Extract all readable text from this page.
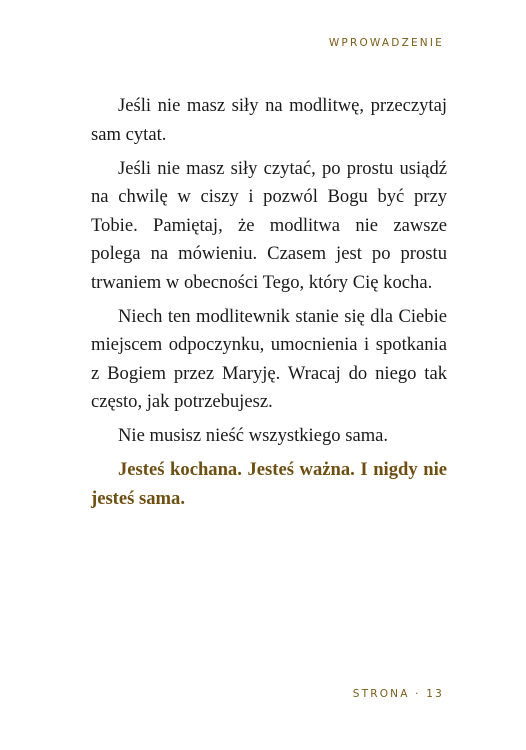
WPROWADZENIE

Jeśli nie masz siły na modlitwę, przeczytaj sam cytat.

Jeśli nie masz siły czytać, po prostu usiądź na chwilę w ciszy i pozwól Bogu być przy Tobie. Pamiętaj, że modlitwa nie zawsze polega na mówieniu. Czasem jest po prostu trwaniem w obecności Tego, który Cię kocha.

Niech ten modlitewnik stanie się dla Ciebie miejscem odpoczynku, umocnienia i spotkania z Bogiem przez Maryję. Wracaj do niego tak często, jak potrzebujesz.

Nie musisz nieść wszystkiego sama.

Jesteś kochana. Jesteś ważna. I nigdy nie jesteś sama.

STRONA · 13
